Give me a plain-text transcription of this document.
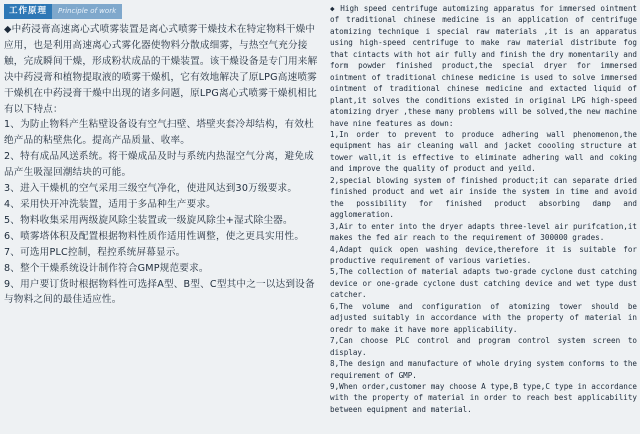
工作原理	Principle of work

◆中药浸膏高速离心式喷雾装置是离心式喷雾干燥技术在特定物料干燥中应用，也是利用高速离心式雾化器使物料分散成细雾，与热空气充分接触，完成瞬间干燥，形成粉状成品的干燥装置。该干燥设备是专门用来解决中药浸膏和植物提取液的喷雾干燥机，它有效地解决了原LPG高速喷雾干燥机在中药浸膏干燥中出现的诸多问题，原LPG离心式喷雾干燥机相比有以下特点：

1、为防止物料产生粘壁设备设有空气扫壁、塔壁夹套冷却结构，有效杜绝产品的粘壁焦化。提高产品质量、收率。

2、特有成品风送系统。将干燥成品及时与系统内热湿空气分离，避免成品产生吸湿回潮结块的可能。

3、进入干燥机的空气采用三级空气净化，使进风达到30万级要求。

4、采用快开冲洗装置，适用于多品种生产要求。

5、物料收集采用两级旋风除尘装置或一级旋风除尘+湿式除尘器。

6、喷雾塔体积及配置根据物料性质作适用性调整，使之更具实用性。

7、可选用PLC控制，程控系统屏幕显示。

8、整个干燥系统设计制作符合GMP规范要求。

9、用户要订货时根据物料性可选择A型、B型、C型其中之一以达到设备与物料之间的最佳适应性。

◆ High speed centrifuge automizing apparatus for immersed ointment of traditional chinese medicine is an application of centrifuge atomizing technique i special raw materials ,it is an apparatus using high-speed centrifuge to make raw material distribute fog that cintacts with hot air fully and finish the dry momentarily and form powder finished product,the special dryer for immersed ointment of traditional chinese medicine is used to solve immersed ointment of traditional chinese medicine and extacted liquid of plant,it solves the conditions existed in original LPG high-speed atomizing dryer ,these many problems will be solved,the new machine have nine features as down:

1,In order to prevent to produce adhering wall phenomenon,the equipment has air cleaning wall and jacket coooling structure at tower wall,it is effective to eliminate adhering wall and coking and improve the quality of product and yeild.

2,special blowing system of finished product;it can separate dried finished product and wet air inside the system in time and avoid the possibility for finished product absorbing damp and agglomeration.

3,Air to enter into the dryer adapts three-level air purifcation,it makes the fed air reach to the requirement of 300000 grades.

4,Adapt quick open washing device,therefore it is suitable for productive requirement of various varieties.

5,The collection of material adapts two-grade cyclone dust catching device or one-grade cyclone dust catching device and wet type dust catcher.

6,The volume and configuration of atomizing tower should be adjusted suitably in accordance with the property of material in oredr to make it have more applicability.

7,Can choose PLC control and program control system screen to display.

8,The design and manufacture of whole drying system conforms to the requirement of GMP.

9,When order,customer may choose A type,B type,C type in accordance with the property of material in order to reach best applicability between equipment and material.
